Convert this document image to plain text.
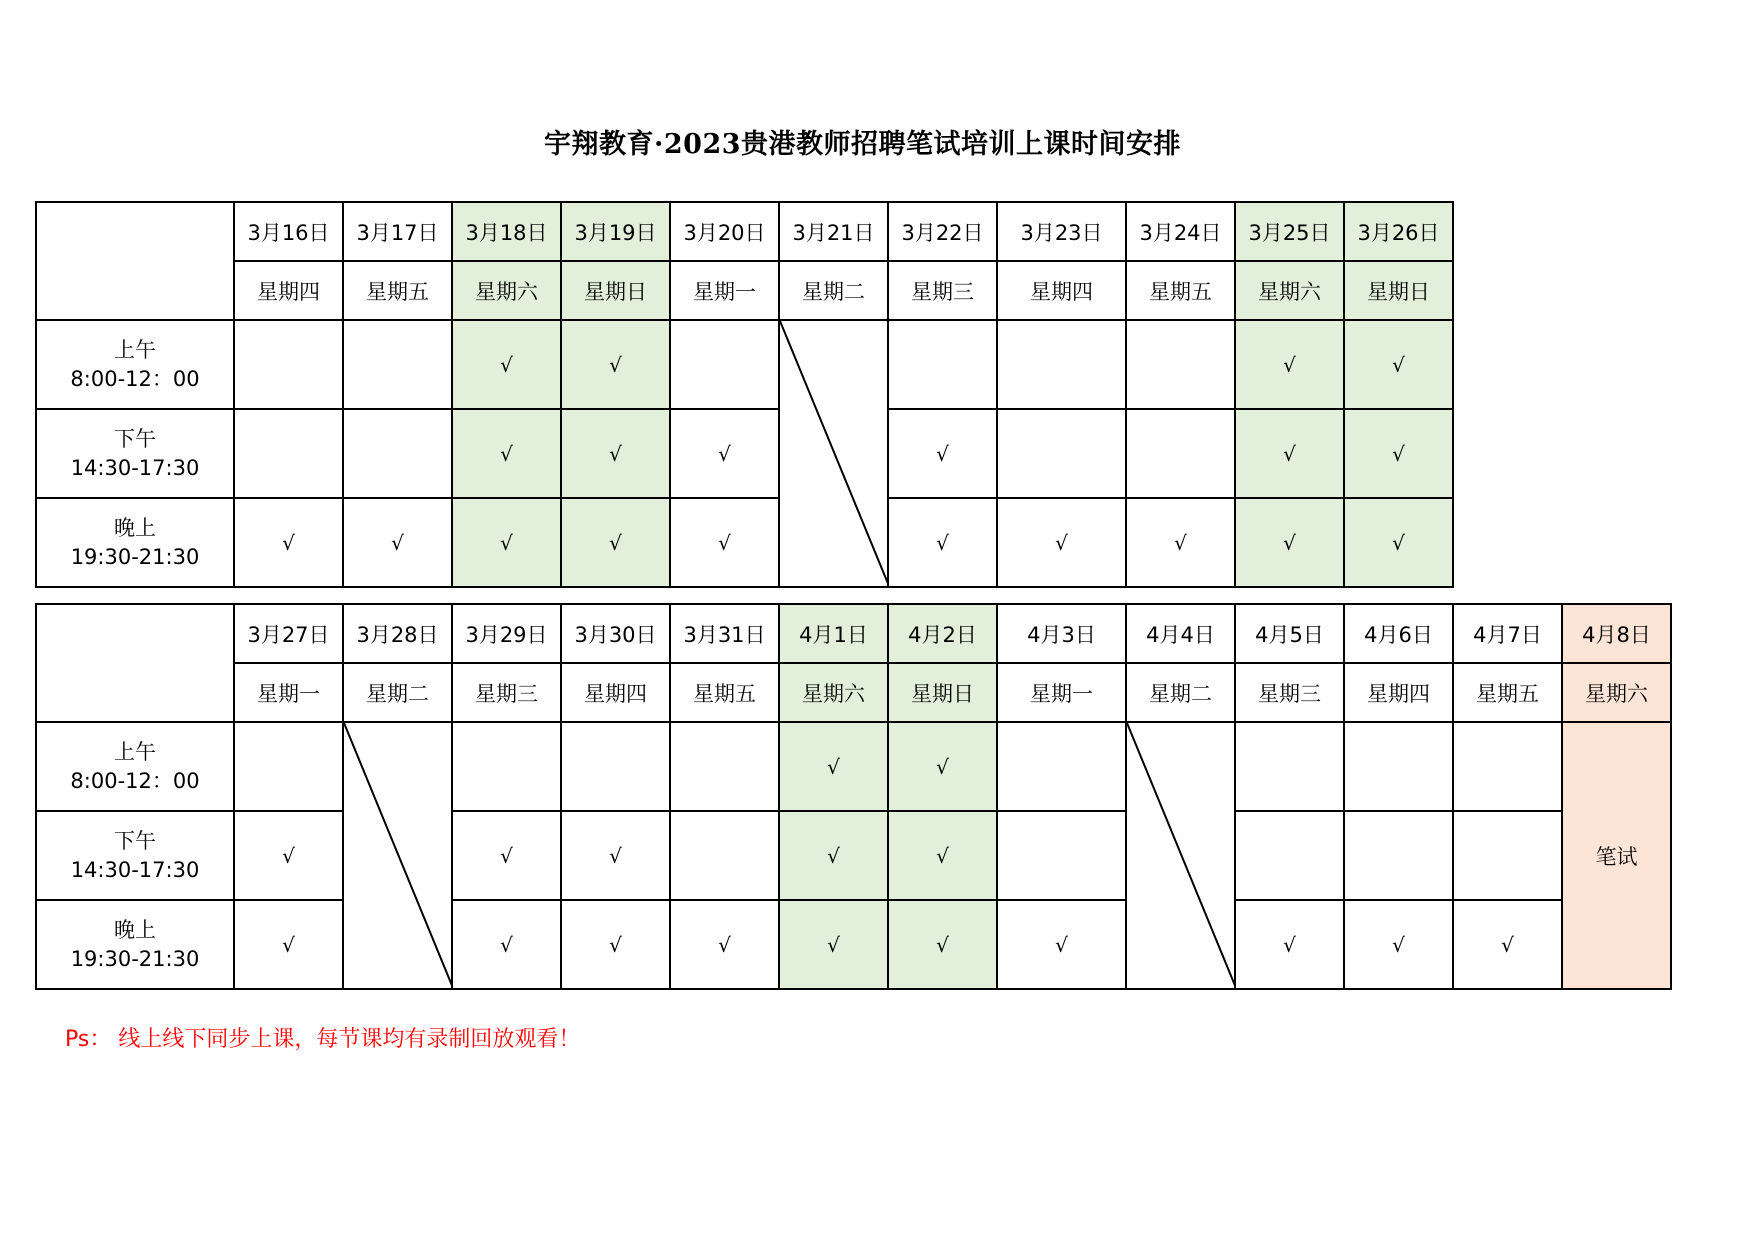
宇翔教育·2023贵港教师招聘笔试培训上课时间安排
	3月16日	3月17日	3月18日	3月19日	3月20日	3月21日	3月22日	3月23日	3月24日	3月25日	3月26日
	星期四	星期五	星期六	星期日	星期一	星期二	星期三	星期四	星期五	星期六	星期日

上午
8:00-12：00			√	√						√	√

下午
14:30-17:30			√	√	√		√			√	√

晚上
19:30-21:30	√	√	√	√	√		√	√	√	√	√
	3月27日	3月28日	3月29日	3月30日	3月31日	4月1日	4月2日	4月3日	4月4日	4月5日	4月6日	4月7日	4月8日
	星期一	星期二	星期三	星期四	星期五	星期六	星期日	星期一	星期二	星期三	星期四	星期五	星期六

上午
8:00-12：00						√	√						笔试

下午
14:30-17:30	√		√	√		√	√						

晚上
19:30-21:30	√		√	√	√	√	√	√		√	√	√	
Ps： 线上线下同步上课，每节课均有录制回放观看！
